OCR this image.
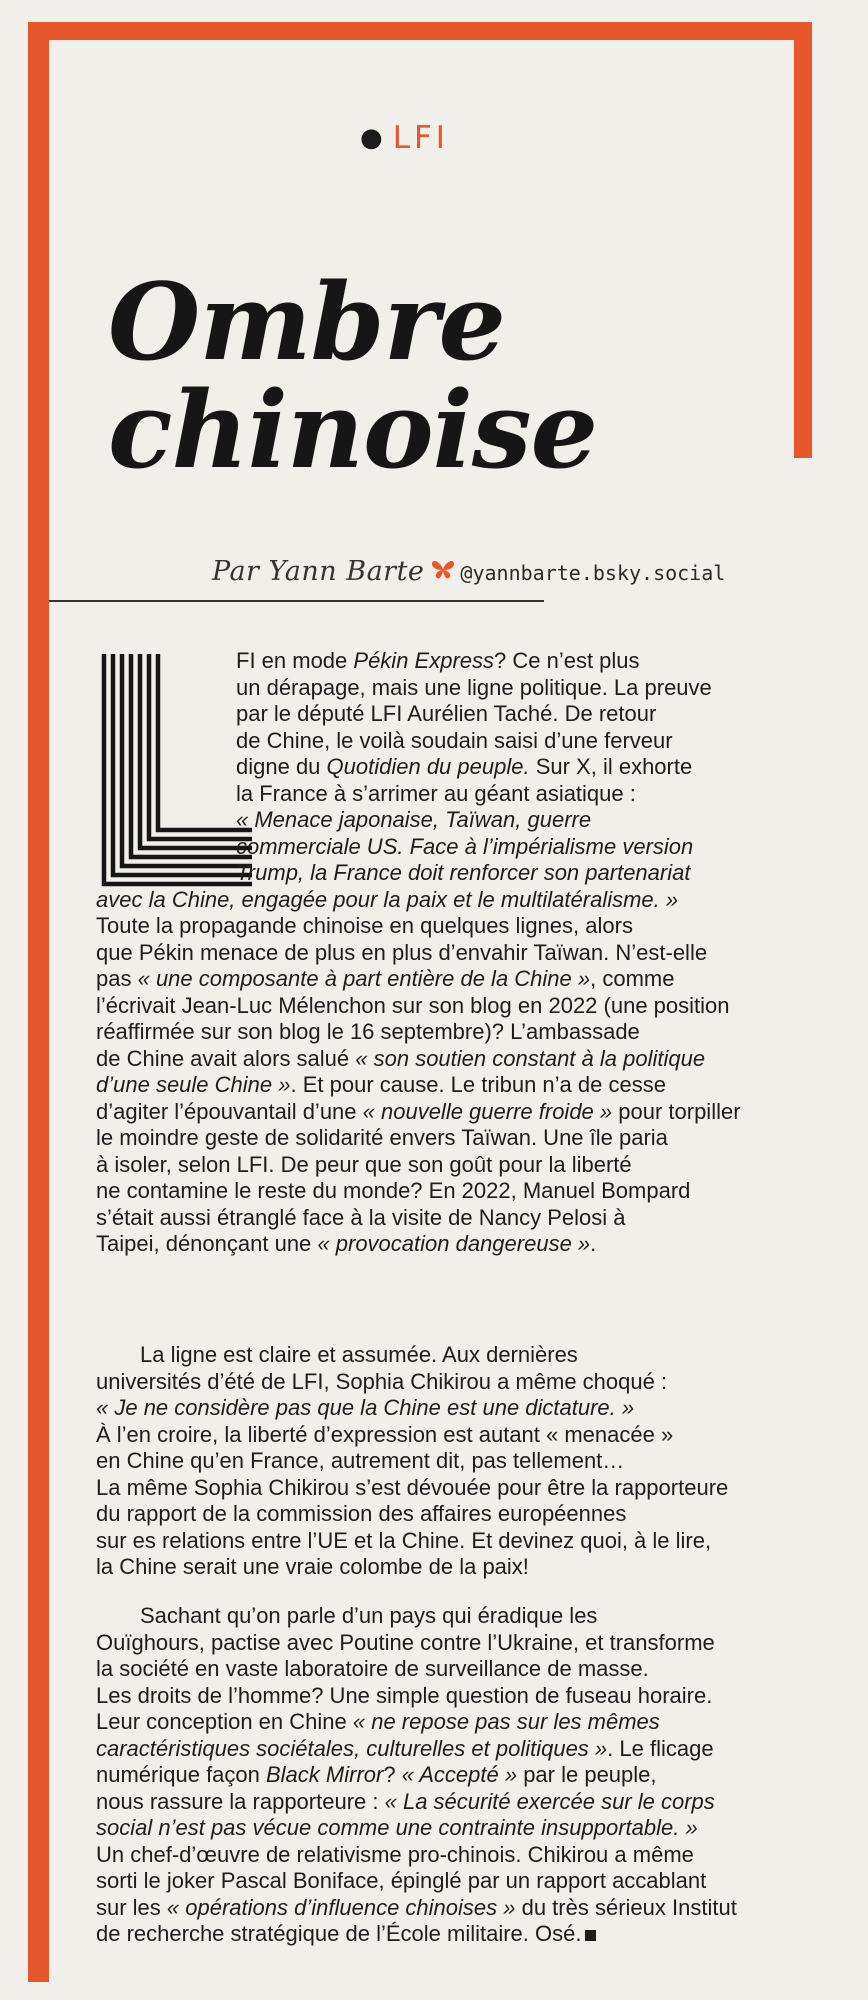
● LFI
Ombre
chinoise
Par Yann Barte @yannbarte.bsky.social
FI en mode Pékin Express? Ce n’est plus
un dérapage, mais une ligne politique. La preuve
par le député LFI Aurélien Taché. De retour
de Chine, le voilà soudain saisi d’une ferveur
digne du Quotidien du peuple. Sur X, il exhorte
la France à s’arrimer au géant asiatique :
« Menace japonaise, Taïwan, guerre
commerciale US. Face à l’impérialisme version
Trump, la France doit renforcer son partenariat
avec la Chine, engagée pour la paix et le multilatéralisme. »
Toute la propagande chinoise en quelques lignes, alors
que Pékin menace de plus en plus d’envahir Taïwan. N’est-elle
pas « une composante à part entière de la Chine », comme
l’écrivait Jean-Luc Mélenchon sur son blog en 2022 (une position
réaffirmée sur son blog le 16 septembre)? L’ambassade
de Chine avait alors salué « son soutien constant à la politique
d’une seule Chine ». Et pour cause. Le tribun n’a de cesse
d’agiter l’épouvantail d’une « nouvelle guerre froide » pour torpiller
le moindre geste de solidarité envers Taïwan. Une île paria
à isoler, selon LFI. De peur que son goût pour la liberté
ne contamine le reste du monde? En 2022, Manuel Bompard
s’était aussi étranglé face à la visite de Nancy Pelosi à
Taipei, dénonçant une « provocation dangereuse ».
  La ligne est claire et assumée. Aux dernières
universités d’été de LFI, Sophia Chikirou a même choqué :
« Je ne considère pas que la Chine est une dictature. »
À l’en croire, la liberté d’expression est autant « menacée »
en Chine qu’en France, autrement dit, pas tellement…
La même Sophia Chikirou s’est dévouée pour être la rapporteure
du rapport de la commission des affaires européennes
sur es relations entre l’UE et la Chine. Et devinez quoi, à le lire,
la Chine serait une vraie colombe de la paix!
  Sachant qu’on parle d’un pays qui éradique les
Ouïghours, pactise avec Poutine contre l’Ukraine, et transforme
la société en vaste laboratoire de surveillance de masse.
Les droits de l’homme? Une simple question de fuseau horaire.
Leur conception en Chine « ne repose pas sur les mêmes
caractéristiques sociétales, culturelles et politiques ». Le flicage
numérique façon Black Mirror? « Accepté » par le peuple,
nous rassure la rapporteure : « La sécurité exercée sur le corps
social n’est pas vécue comme une contrainte insupportable. »
Un chef-d’œuvre de relativisme pro-chinois. Chikirou a même
sorti le joker Pascal Boniface, épinglé par un rapport accablant
sur les « opérations d’influence chinoises » du très sérieux Institut
de recherche stratégique de l’École militaire. Osé.
